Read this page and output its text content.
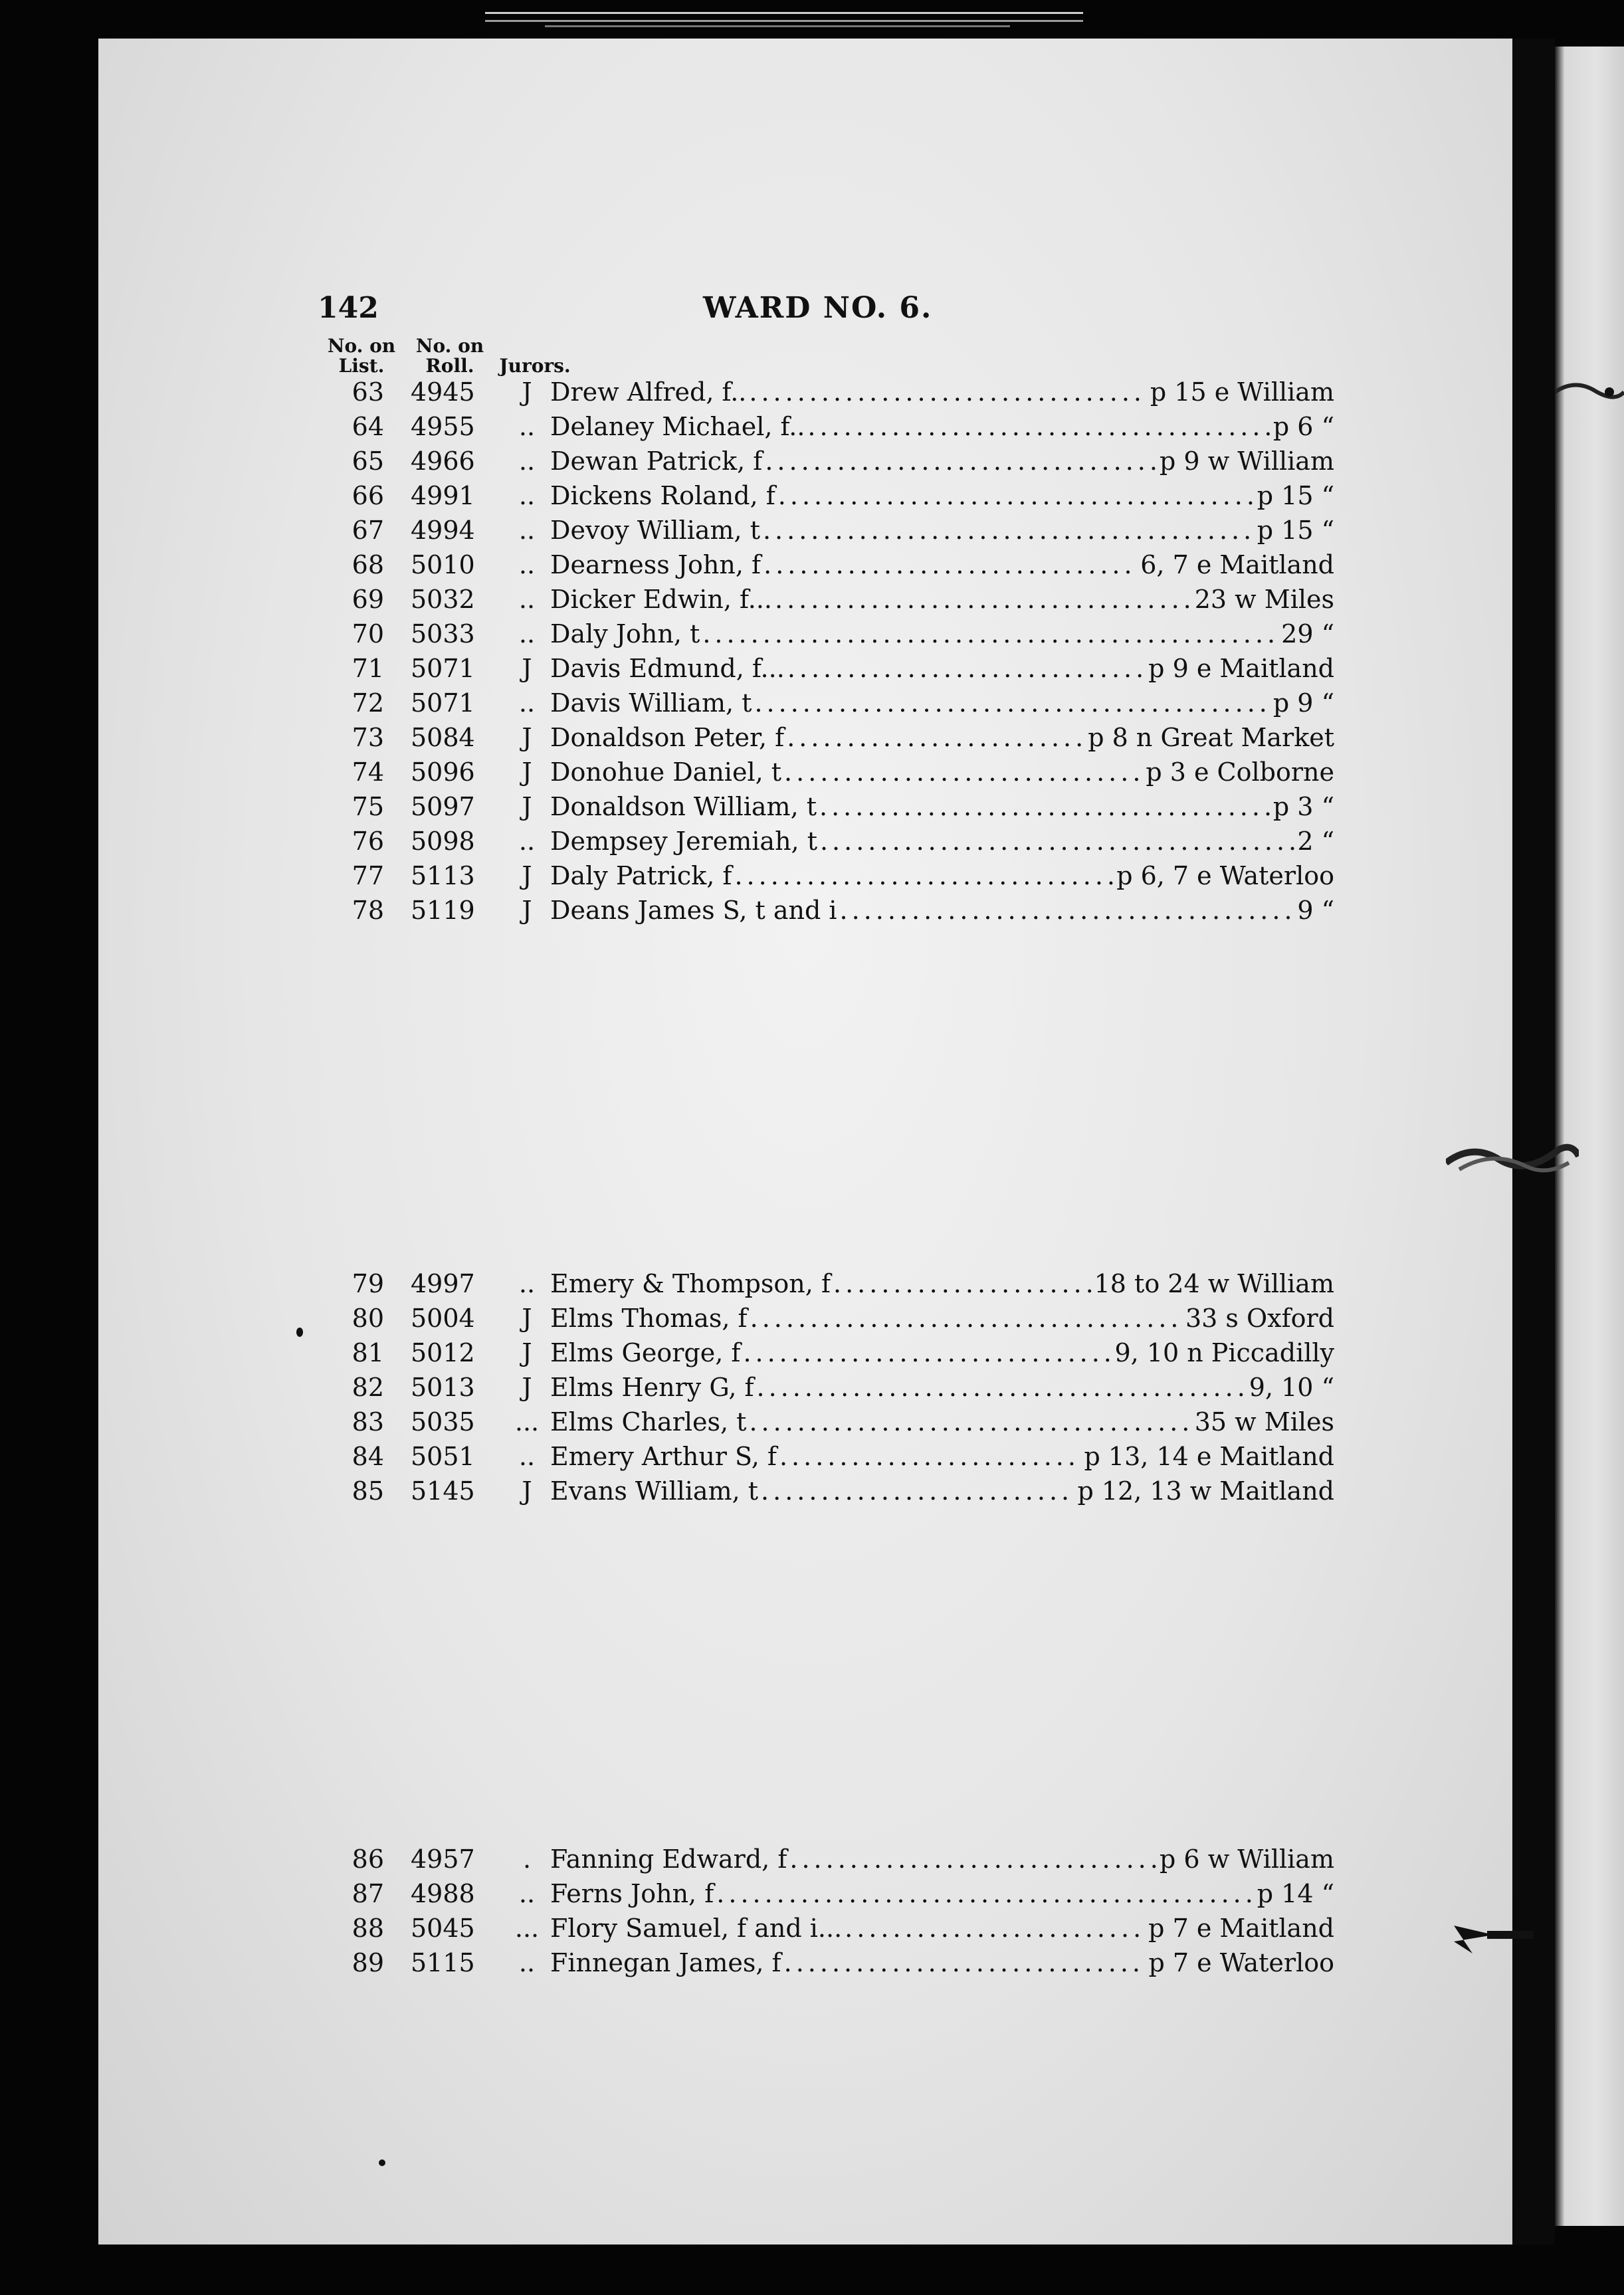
142	WARD NO. 6.
No. on
List.
No. on
Roll.	Jurors.
63 4945	J Drew Alfred, f.. .....	p 15 e William
64 4955	.. Delaney Michael, f.. .....	p 6 “
65 4966	.. Dewan Patrick, f .....	p 9 w William
66 4991	.. Dickens Roland, f .....	p 15 “
67 4994	.. Devoy William, t .....	p 15 “
68 5010	.. Dearness John, f .....	6, 7 e Maitland
69 5032	.. Dicker Edwin, f... .....	23 w Miles
70 5033	.. Daly John, t .....	29 “
71 5071	J Davis Edmund, f... .....	p 9 e Maitland
72 5071	.. Davis William, t .....	p 9 “
73 5084	J Donaldson Peter, f .....	p 8 n Great Market
74 5096	J Donohue Daniel, t .....	p 3 e Colborne
75 5097	J Donaldson William, t .....	p 3 “
76 5098	.. Dempsey Jeremiah, t .....	2 “
77 5113	J Daly Patrick, f .....	p 6, 7 e Waterloo
78 5119	J Deans James S, t and i .....	9 “
79 4997	.. Emery & Thompson, f .....	18 to 24 w William
80 5004	J Elms Thomas, f .....	33 s Oxford
81 5012	J Elms George, f .....	9, 10 n Piccadilly
82 5013	J Elms Henry G, f .....	9, 10 “
83 5035	... Elms Charles, t .....	35 w Miles
84 5051	.. Emery Arthur S, f .....	p 13, 14 e Maitland
85 5145	J Evans William, t .....	p 12, 13 w Maitland
86 4957	. Fanning Edward, f .....	p 6 w William
87 4988	.. Ferns John, f .....	p 14 “
88 5045	... Flory Samuel, f and i... .....	p 7 e Maitland
89 5115	.. Finnegan James, f .....	p 7 e Waterloo
